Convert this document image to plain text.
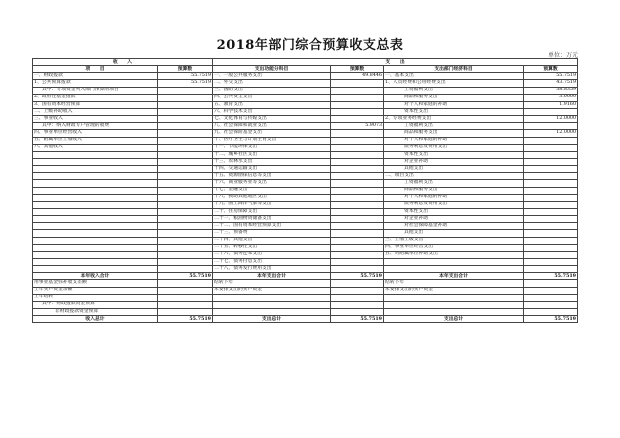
2018年部门综合预算收支总表
单位：万元
收　　入		支　　出			
项　　目	预算数	支出功能分科目	预算数	支出部门经济科目	预算数
一、财政拨款	55.7519	一、一般公共服务支出	49.8446	一、基本支出	55.7519
1、公共预算拨款	55.7519	二、外交支出		1、人员经费和公用经费支出	43.7519
其中：专项资金列入部门预算的项目		三、国防支出		工资福利支出	38.8359
2、政府性基金拨款		四、公共安全支出		商品和服务支出	3.0000
3、国有资本经营预算		五、教育支出		对个人和家庭的补助	1.9160
二、上级补助收入		六、科学技术支出		资本性支出	
三、事业收入		七、文化体育与传媒支出		2、专项业务经费支出	12.0000
其中：纳入财政专户管理的收费		八、社会保障和就业支出	5.9073	工资福利支出	
四、事业单位经营收入		九、社会保险基金支出		商品和服务支出	12.0000
五、附属单位上缴收入		十、医疗卫生与计划生育支出		对个人和家庭的补助	
六、其他收入		十一、节能环保支出		债务利息及费用支出	
		十二、城乡社区支出		资本性支出	
		十三、农林水支出		对企业补助	
		十四、交通运输支出		其他支出	
		十五、资源勘探信息等支出		二、项目支出	
		十六、商业服务业等支出		工资福利支出	
		十七、金融支出		商品和服务支出	
		十八、援助其他地区支出		对个人和家庭的补助	
		十九、国土海洋气象等支出		债务利息及费用支出	
		二十、住房保障支出		资本性支出	
		二十一、粮油物资储备支出		对企业补助	
		二十二、国有资本经营预算支出		对社会保障基金补助	
		二十三、预备费		其他支出	
		二十四、其他支出		三、上缴上级支出	
		二十五、转移性支出		四、事业单位经营支出	
		二十六、债务还本支出		五、对附属单位补助支出	
		二十七、债务付息支出			
		二十八、债务发行费用支出			
本年收入合计	55.7519	本年支出合计	55.7519	本年支出合计	55.7519
用事业基金弥补收支差额		结转下年		结转下年	
上年实户资金余额		未安排支出的实户资金		未安排支出的实户资金	
上年结转					
其中：财政拨款资金预算					
非财政拨款资金预算					
收入总计	55.7519	支出总计	55.7519	支出总计	55.7519
